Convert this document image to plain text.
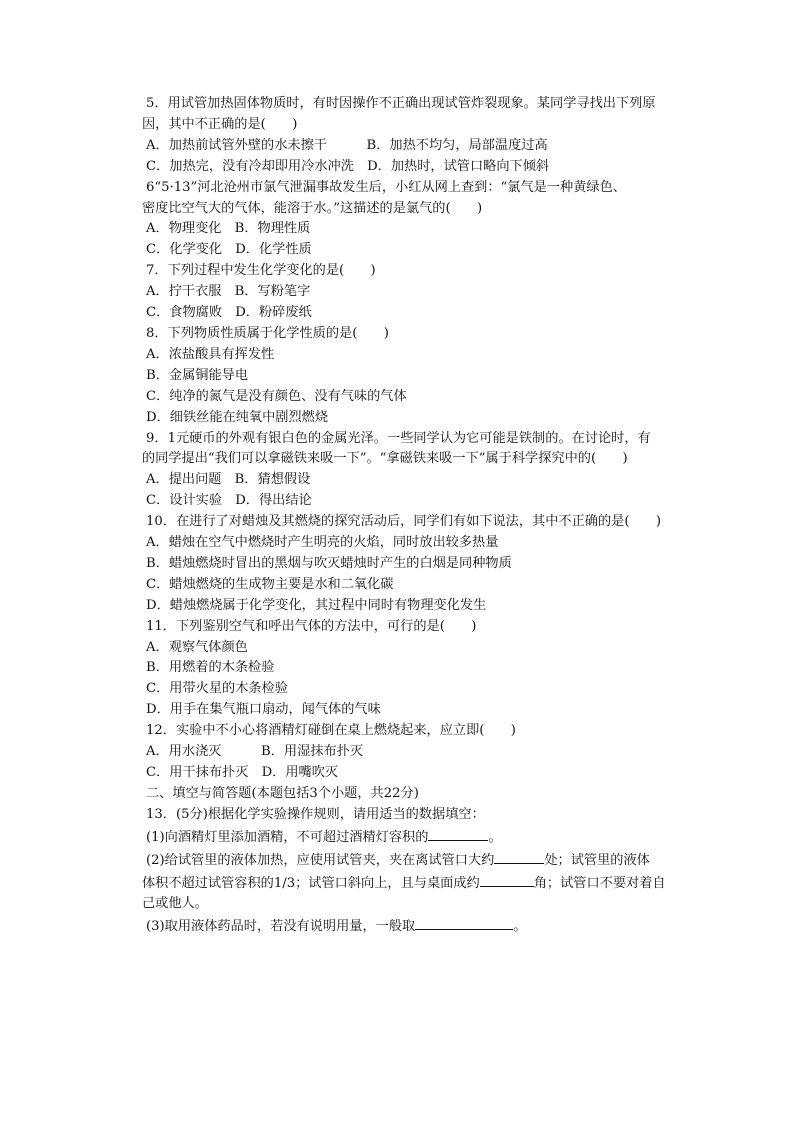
5．用试管加热固体物质时，有时因操作不正确出现试管炸裂现象。某同学寻找出下列原
因，其中不正确的是(　　)
A．加热前试管外壁的水未擦干　　　B．加热不均匀，局部温度过高
C．加热完，没有冷却即用冷水冲洗　D．加热时，试管口略向下倾斜
6“5·13”河北沧州市氯气泄漏事故发生后，小红从网上查到：“氯气是一种黄绿色、
密度比空气大的气体，能溶于水。”这描述的是氯气的(　　)
A．物理变化　B．物理性质
C．化学变化　D．化学性质
7．下列过程中发生化学变化的是(　　)
A．拧干衣服　B．写粉笔字
C．食物腐败　D．粉碎废纸
8．下列物质性质属于化学性质的是(　　)
A．浓盐酸具有挥发性
B．金属铜能导电
C．纯净的氮气是没有颜色、没有气味的气体
D．细铁丝能在纯氧中剧烈燃烧
9．1元硬币的外观有银白色的金属光泽。一些同学认为它可能是铁制的。在讨论时，有
的同学提出“我们可以拿磁铁来吸一下”。“拿磁铁来吸一下”属于科学探究中的(　　)
A．提出问题　B．猜想假设
C．设计实验　D．得出结论
10．在进行了对蜡烛及其燃烧的探究活动后，同学们有如下说法，其中不正确的是(　　)
A．蜡烛在空气中燃烧时产生明亮的火焰，同时放出较多热量
B．蜡烛燃烧时冒出的黑烟与吹灭蜡烛时产生的白烟是同种物质
C．蜡烛燃烧的生成物主要是水和二氧化碳
D．蜡烛燃烧属于化学变化，其过程中同时有物理变化发生
11．下列鉴别空气和呼出气体的方法中，可行的是(　　)
A．观察气体颜色
B．用燃着的木条检验
C．用带火星的木条检验
D．用手在集气瓶口扇动，闻气体的气味
12．实验中不小心将酒精灯碰倒在桌上燃烧起来，应立即(　　)
A．用水浇灭　　　B．用湿抹布扑灭
C．用干抹布扑灭　D．用嘴吹灭
二、填空与简答题(本题包括3个小题，共22分)
13．(5分)根据化学实验操作规则，请用适当的数据填空：
(1)向酒精灯里添加酒精，不可超过酒精灯容积的	。
(2)给试管里的液体加热，应使用试管夹，夹在离试管口大约	处；试管里的液体
体积不超过试管容积的1/3；试管口斜向上，且与桌面成约	角；试管口不要对着自
己或他人。
(3)取用液体药品时，若没有说明用量，一般取	。
